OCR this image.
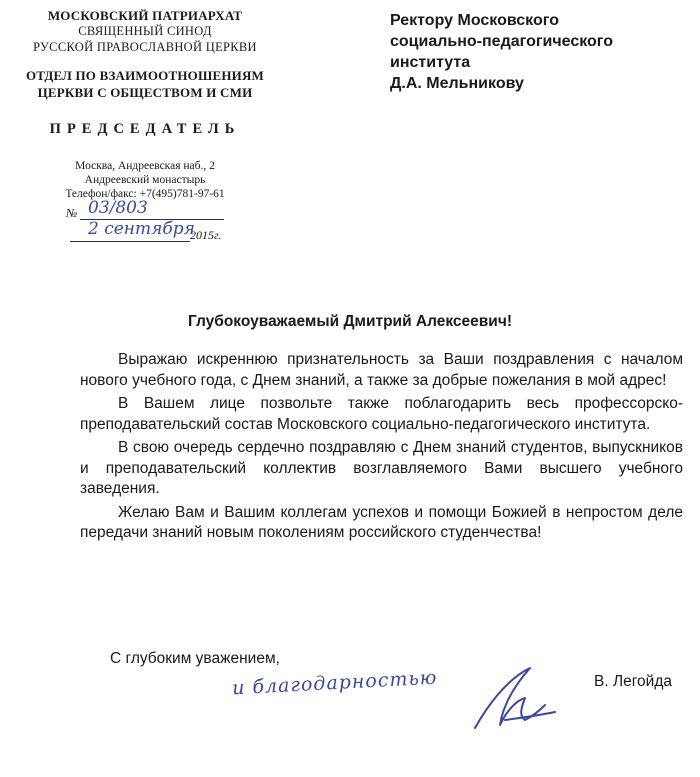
МОСКОВСКИЙ ПАТРИАРХАТ
СВЯЩЕННЫЙ СИНОД
РУССКОЙ ПРАВОСЛАВНОЙ ЦЕРКВИ
ОТДЕЛ ПО ВЗАИМООТНОШЕНИЯМ
ЦЕРКВИ С ОБЩЕСТВОМ И СМИ
ПРЕДСЕДАТЕЛЬ
Москва, Андреевская наб., 2
Андреевский монастырь
Телефон/факс: +7(495)781-97-61
№ 03/803
2 сентября
2015г.
Ректору Московского
социально-педагогического
института
Д.А. Мельникову
Глубокоуважаемый Дмитрий Алексеевич!

Выражаю искреннюю признательность за Ваши поздравления с началом нового учебного года, с Днем знаний, а также за добрые пожелания в мой адрес!

В Вашем лице позвольте также поблагодарить весь профессорско-преподавательский состав Московского социально-педагогического института.

В свою очередь сердечно поздравляю с Днем знаний студентов, выпускников и преподавательский коллектив возглавляемого Вами высшего учебного заведения.

Желаю Вам и Вашим коллегам успехов и помощи Божией в непростом деле передачи знаний новым поколениям российского студенчества!

С глубоким уважением,
и благодарностью	В. Легойда
